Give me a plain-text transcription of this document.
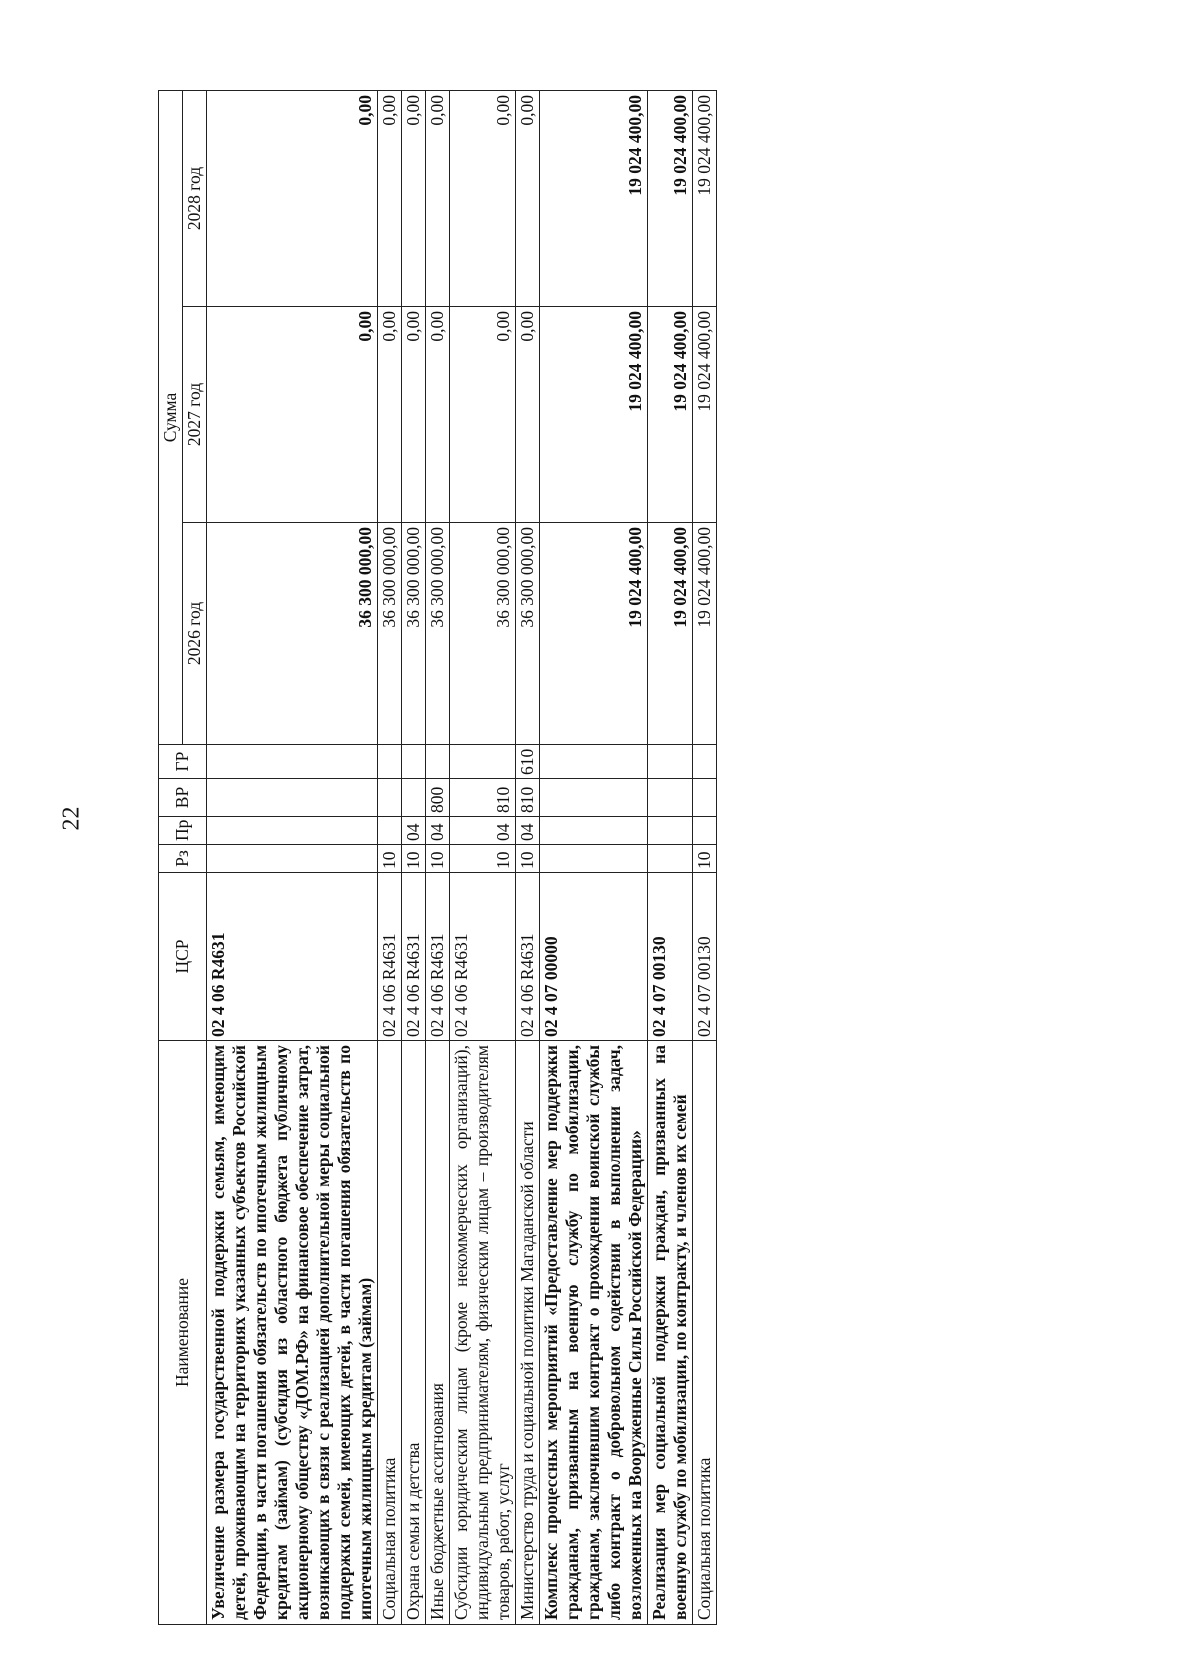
22
Наименование	ЦСР	Рз	Пр	ВР	ГР	Сумма		
						2026 год	2027 год	2028 год
Увеличение размера государственной поддержки семьям, имеющим детей, проживающим на территориях указанных субъектов Российской Федерации, в части погашения обязательств по ипотечным жилищным кредитам (займам) (субсидия из областного бюджета публичному акционерному обществу «ДОМ.РФ» на финансовое обеспечение затрат, возникающих в связи с реализацией дополнительной меры социальной поддержки семей, имеющих детей, в части погашения обязательств по ипотечным жилищным кредитам (займам)	02 4 06 R4631					36 300 000,00	0,00	0,00
Социальная политика	02 4 06 R4631	10				36 300 000,00	0,00	0,00
Охрана семьи и детства	02 4 06 R4631	10	04			36 300 000,00	0,00	0,00
Иные бюджетные ассигнования	02 4 06 R4631	10	04	800		36 300 000,00	0,00	0,00
Субсидии юридическим лицам (кроме некоммерческих организаций), индивидуальным предпринимателям, физическим лицам – производителям товаров, работ, услуг	02 4 06 R4631	10	04	810		36 300 000,00	0,00	0,00
Министерство труда и социальной политики Магаданской области	02 4 06 R4631	10	04	810	610	36 300 000,00	0,00	0,00
Комплекс процессных мероприятий «Предоставление мер поддержки гражданам, призванным на военную службу по мобилизации, гражданам, заключившим контракт о прохождении воинской службы либо контракт о добровольном содействии в выполнении задач, возложенных на Вооруженные Силы Российской Федерации»	02 4 07 00000					19 024 400,00	19 024 400,00	19 024 400,00
Реализация мер социальной поддержки граждан, призванных на военную службу по мобилизации, по контракту, и членов их семей	02 4 07 00130					19 024 400,00	19 024 400,00	19 024 400,00
Социальная политика	02 4 07 00130	10				19 024 400,00	19 024 400,00	19 024 400,00
